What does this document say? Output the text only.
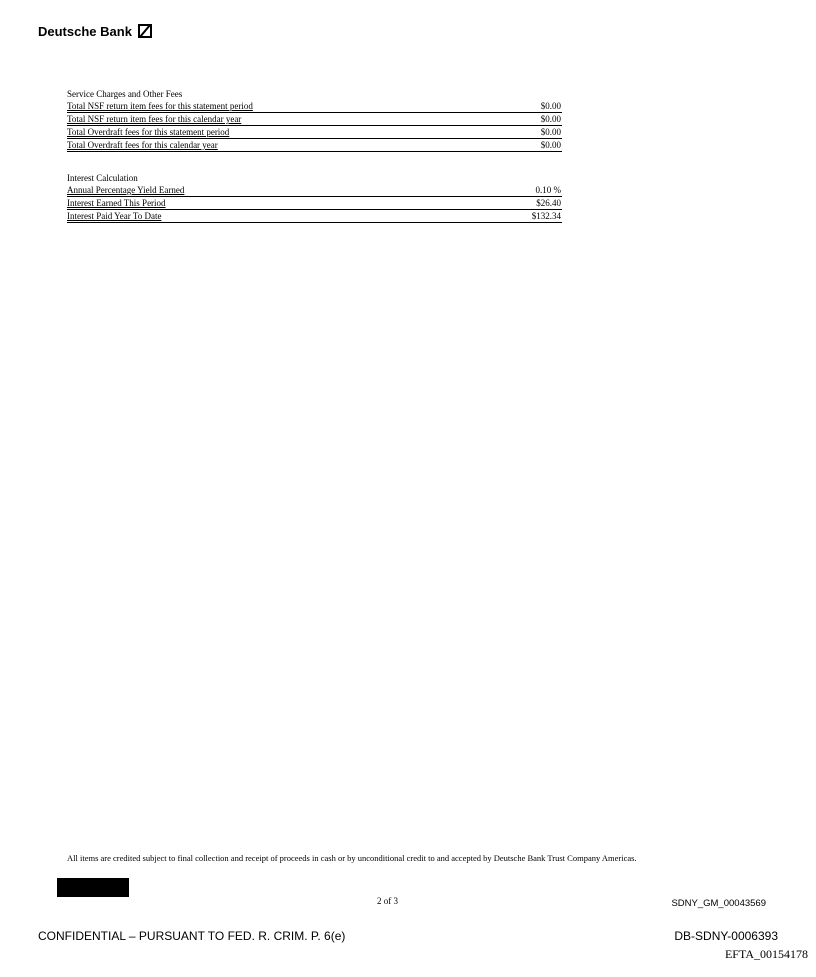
Deutsche Bank
Service Charges and Other Fees
Total NSF return item fees for this statement period	$0.00
Total NSF return item fees for this calendar year	$0.00
Total Overdraft fees for this statement period	$0.00
Total Overdraft fees for this calendar year	$0.00
Interest Calculation
Annual Percentage Yield Earned	0.10 %
Interest Earned This Period	$26.40
Interest Paid Year To Date	$132.34
All items are credited subject to final collection and receipt of proceeds in cash or by unconditional credit to and accepted by Deutsche Bank Trust Company Americas.
2 of 3	SDNY_GM_00043569
CONFIDENTIAL – PURSUANT TO FED. R. CRIM. P. 6(e)	DB-SDNY-0006393
EFTA_00154178
